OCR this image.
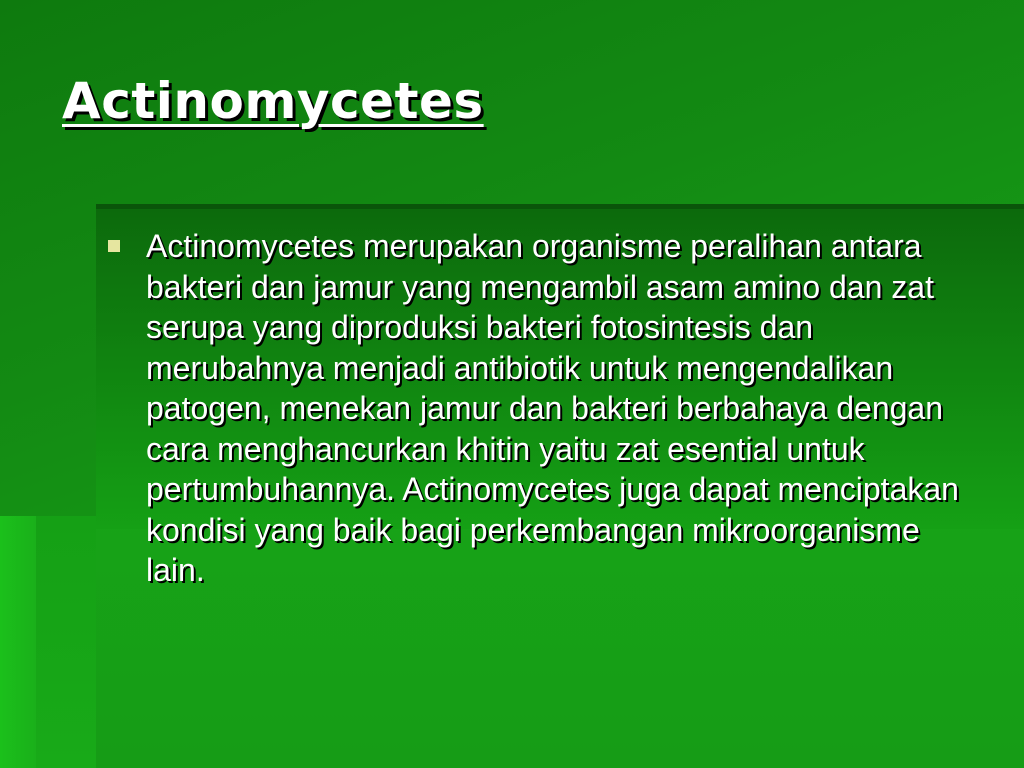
Actinomycetes

Actinomycetes merupakan organisme peralihan antara bakteri dan jamur yang mengambil asam amino dan zat serupa yang diproduksi bakteri fotosintesis dan merubahnya menjadi antibiotik untuk mengendalikan patogen, menekan jamur dan bakteri berbahaya dengan cara menghancurkan khitin yaitu zat esential untuk pertumbuhannya. Actinomycetes juga dapat menciptakan kondisi yang baik bagi perkembangan mikroorganisme lain.
